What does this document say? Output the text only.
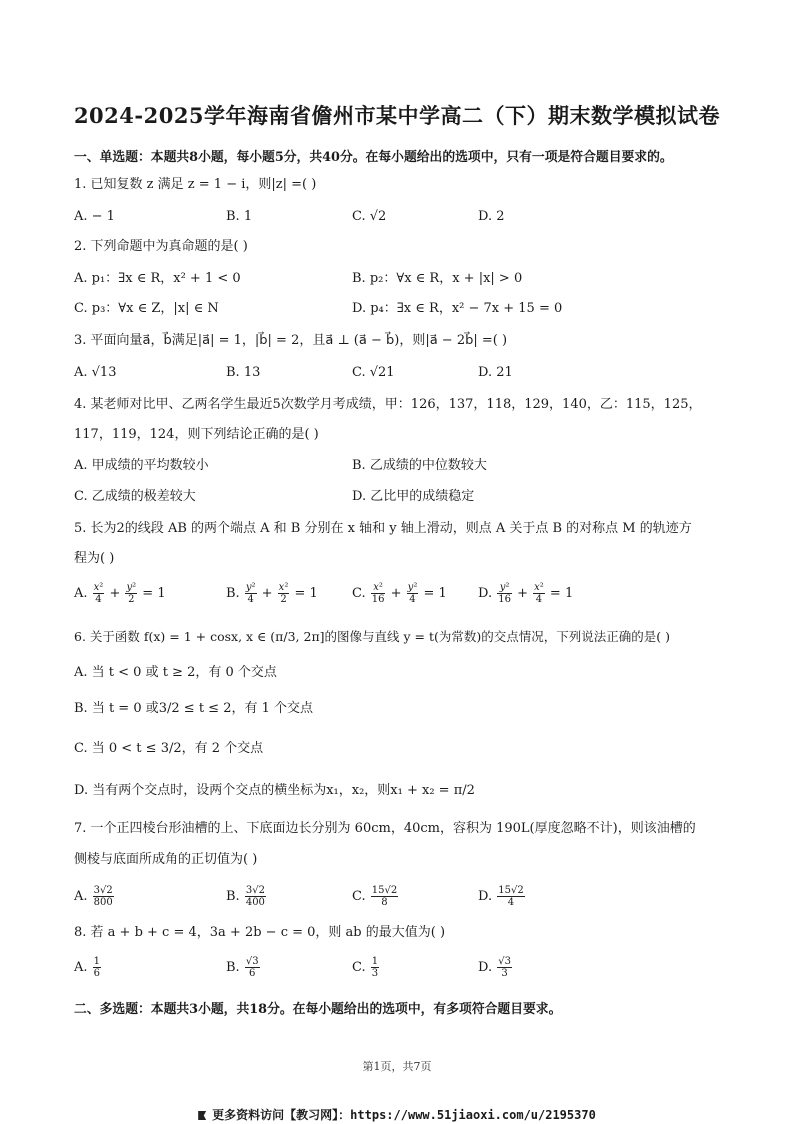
2024-2025学年海南省儋州市某中学高二（下）期末数学模拟试卷
一、单选题：本题共8小题，每小题5分，共40分。在每小题给出的选项中，只有一项是符合题目要求的。
1. 已知复数 z 满足 z = 1 − i，则|z| =( )
A. − 1	B. 1	C. √2	D. 2
2. 下列命题中为真命题的是( )
A. p₁：∃x ∈ R，x² + 1 < 0	B. p₂：∀x ∈ R，x + |x| > 0
C. p₃：∀x ∈ Z，|x| ∈ N	D. p₄：∃x ∈ R，x² − 7x + 15 = 0
3. 平面向量a⃗，b⃗满足|a⃗| = 1，|b⃗| = 2，且a⃗ ⊥ (a⃗ − b⃗)，则|a⃗ − 2b⃗| =( )
A. √13	B. 13	C. √21	D. 21
4. 某老师对比甲、乙两名学生最近5次数学月考成绩，甲：126，137，118，129，140，乙：115，125，
117，119，124，则下列结论正确的是( )
A. 甲成绩的平均数较小	B. 乙成绩的中位数较大
C. 乙成绩的极差较大	D. 乙比甲的成绩稳定
5. 长为2的线段 AB 的两个端点 A 和 B 分别在 x 轴和 y 轴上滑动，则点 A 关于点 B 的对称点 M 的轨迹方
程为( )
A. $\frac{\text{x²}}{4} + \frac{\text{y²}}{2} = 1$	B. $\frac{\text{y²}}{4} + \frac{\text{x²}}{2} = 1$	C. $\frac{\text{x²}}{16} + \frac{\text{y²}}{4} = 1$ D. $\frac{\text{y²}}{16} + \frac{\text{x²}}{4} = 1$
6. 关于函数 f(x) = 1 + cosx, x ∈ (π/3, 2π]的图像与直线 y = t(为常数)的交点情况，下列说法正确的是( )
A. 当 t < 0 或 t ≥ 2，有 0 个交点
B. 当 t = 0 或3/2 ≤ t ≤ 2，有 1 个交点
C. 当 0 < t ≤ 3/2，有 2 个交点
D. 当有两个交点时，设两个交点的横坐标为x₁，x₂，则x₁ + x₂ = π/2
7. 一个正四棱台形油槽的上、下底面边长分别为 60cm，40cm，容积为 190L(厚度忽略不计)，则该油槽的
侧棱与底面所成角的正切值为( )
A. $\frac{3√2}{800}$	B. $\frac{3√2}{400}$	C. $\frac{15√2}{8}$	D. $\frac{15√2}{4}$
8. 若 a + b + c = 4，3a + 2b − c = 0，则 ab 的最大值为( )
A. $\frac{1}{6}$	B. $\frac{√3}{6}$	C. $\frac{1}{3}$	D. $\frac{√3}{3}$
二、多选题：本题共3小题，共18分。在每小题给出的选项中，有多项符合题目要求。
第1页，共7页
更多资料访问【教习网】：https://www.51jiaoxi.com/u/2195370
